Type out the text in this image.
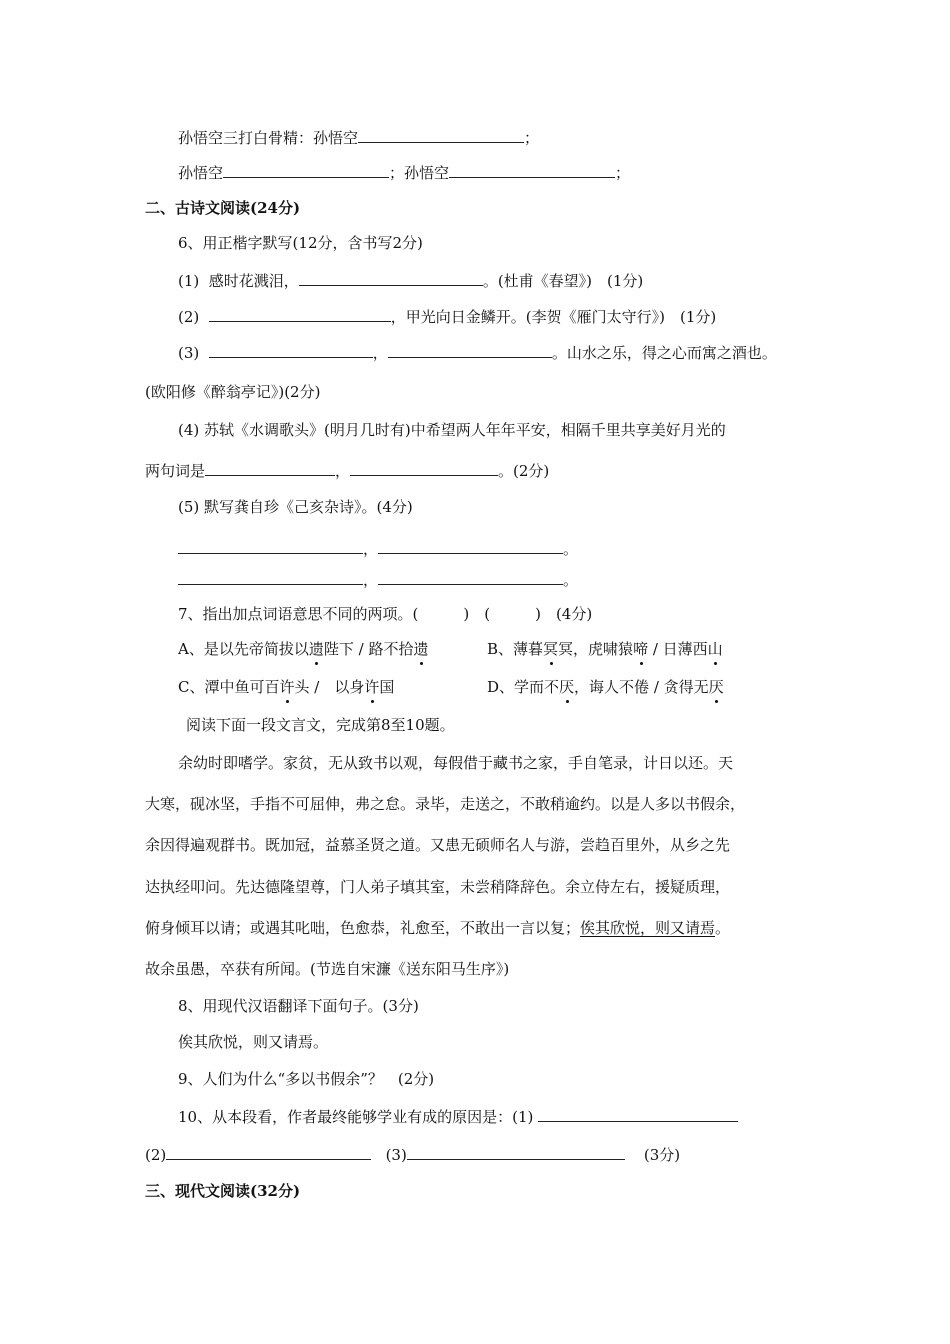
孙悟空三打白骨精：孙悟空	；
孙悟空	；孙悟空	；
二、古诗文阅读(24分)
6、用正楷字默写(12分，含书写2分)
(1) 感时花溅泪，	。(杜甫《春望》)　(1分)
(2)	，甲光向日金鳞开。(李贺《雁门太守行》)　(1分)
(3)	，	。山水之乐，得之心而寓之酒也。
(欧阳修《醉翁亭记》)(2分)
(4) 苏轼《水调歌头》(明月几时有)中希望两人年年平安，相隔千里共享美好月光的
两句词是	，	。(2分)
(5) 默写龚自珍《己亥杂诗》。(4分)
，	。
，	。
7、指出加点词语意思不同的两项。(　　　)　(　　　)　(4分)
A、是以先帝简拔以遗陛下 / 路不拾遗	B、薄暮冥冥，虎啸猿啼 / 日薄西山
C、潭中鱼可百许头 /　以身许国	D、学而不厌，诲人不倦 / 贪得无厌
阅读下面一段文言文，完成第8至10题。
余幼时即嗜学。家贫，无从致书以观，每假借于藏书之家，手自笔录，计日以还。天
大寒，砚冰坚，手指不可屈伸，弗之怠。录毕，走送之，不敢稍逾约。以是人多以书假余，
余因得遍观群书。既加冠，益慕圣贤之道。又患无硕师名人与游，尝趋百里外，从乡之先
达执经叩问。先达德隆望尊，门人弟子填其室，未尝稍降辞色。余立侍左右，援疑质理，
俯身倾耳以请；或遇其叱咄，色愈恭，礼愈至，不敢出一言以复；俟其欣悦，则又请焉。
故余虽愚，卒获有所闻。(节选自宋濂《送东阳马生序》)
8、用现代汉语翻译下面句子。(3分)
俟其欣悦，则又请焉。
9、人们为什么“多以书假余”？　(2分)
10、从本段看，作者最终能够学业有成的原因是：(1)
(2)	(3)	(3分)
三、现代文阅读(32分)
